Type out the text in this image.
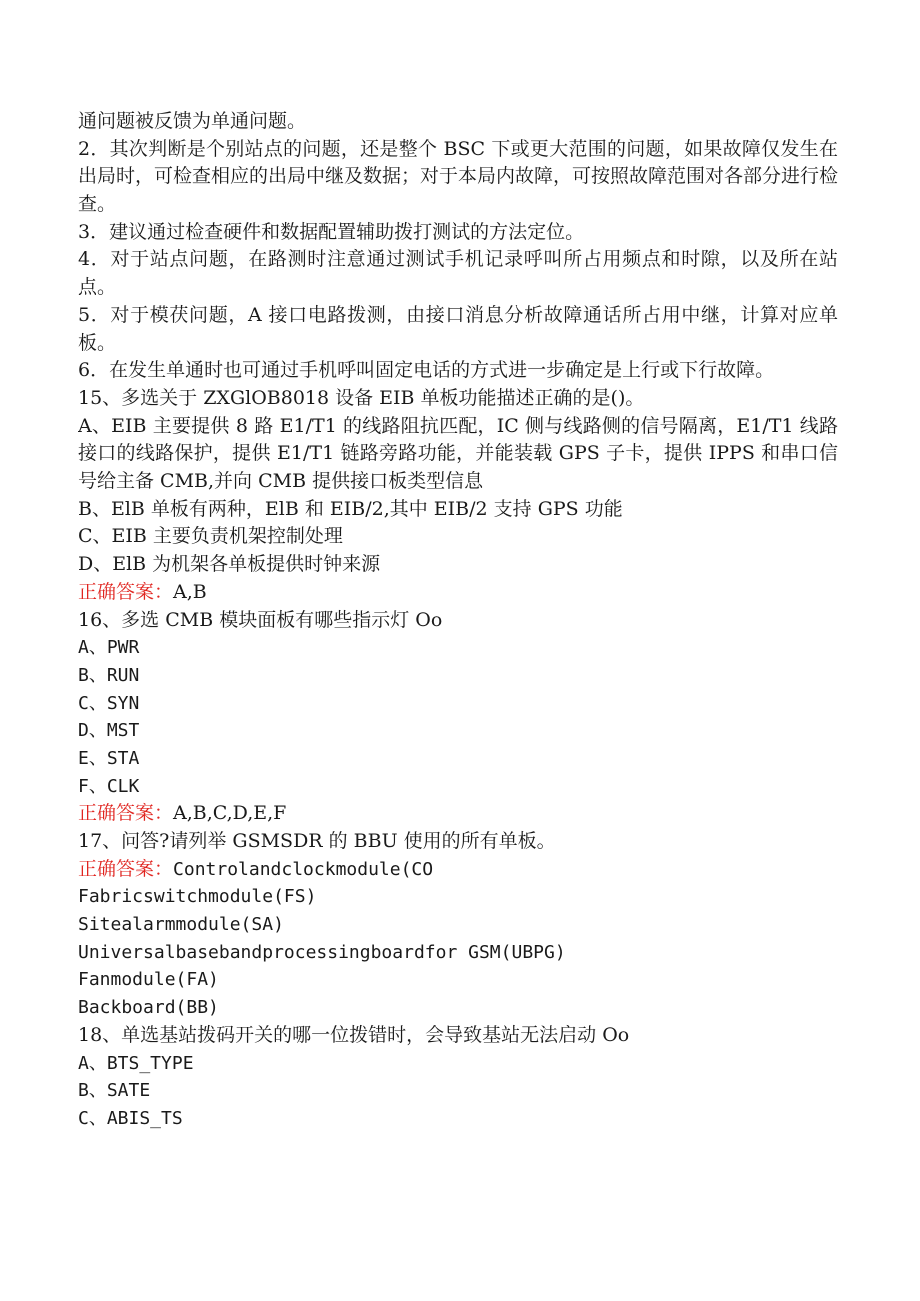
通问题被反馈为单通问题。
2．其次判断是个别站点的问题，还是整个 BSC 下或更大范围的问题，如果故障仅发生在出局时，可检查相应的出局中继及数据；对于本局内故障，可按照故障范围对各部分进行检查。
3．建议通过检查硬件和数据配置辅助拨打测试的方法定位。
4．对于站点问题，在路测时注意通过测试手机记录呼叫所占用频点和时隙，以及所在站点。
5．对于模茯问题，A 接口电路拨测，由接口消息分析故障通话所占用中继，计算对应单板。
6．在发生单通时也可通过手机呼叫固定电话的方式进一步确定是上行或下行故障。
15、多选关于 ZXGlOB8018 设备 EIB 单板功能描述正确的是()。
A、EIB 主要提供 8 路 E1/T1 的线路阻抗匹配，IC 侧与线路侧的信号隔离，E1/T1 线路接口的线路保护，提供 E1/T1 链路旁路功能，并能装载 GPS 子卡，提供 IPPS 和串口信号给主备 CMB,并向 CMB 提供接口板类型信息
B、ElB 单板有两种，ElB 和 EIB/2,其中 EIB/2 支持 GPS 功能
C、EIB 主要负责机架控制处理
D、ElB 为机架各单板提供时钟来源
正确答案：A,B
16、多选 CMB 模块面板有哪些指示灯 Oo
A、PWR
B、RUN
C、SYN
D、MST
E、STA
F、CLK
正确答案：A,B,C,D,E,F
17、问答?请列举 GSMSDR 的 BBU 使用的所有单板。
正确答案：Controlandclockmodule(CO
Fabricswitchmodule(FS)
Sitealarmmodule(SA)
Universalbasebandprocessingboardfor GSM(UBPG)
Fanmodule(FA)
Backboard(BB)
18、单选基站拨码开关的哪一位拨错时，会导致基站无法启动 Oo
A、BTS_TYPE
B、SATE
C、ABIS_TS
